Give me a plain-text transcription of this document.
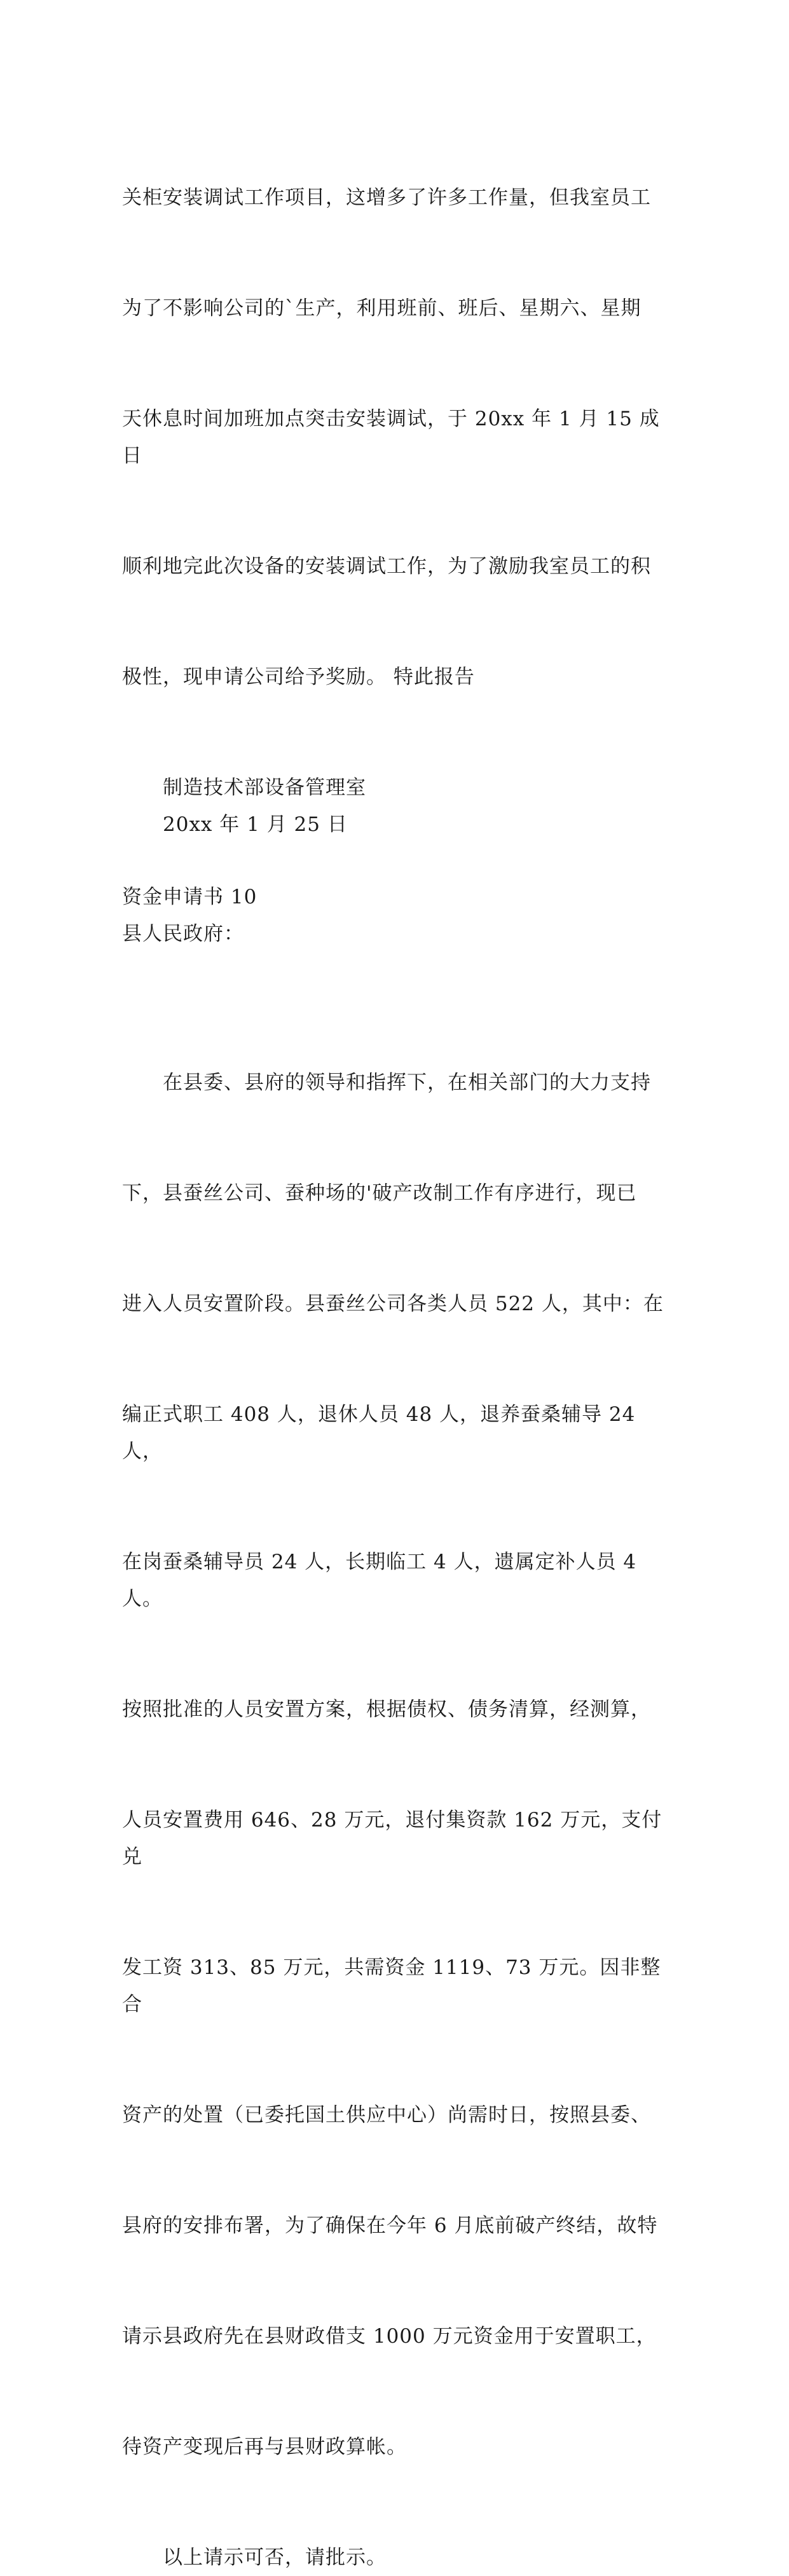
关柜安装调试工作项目，这增多了许多工作量，但我室员工

为了不影响公司的`生产，利用班前、班后、星期六、星期

天休息时间加班加点突击安装调试，于 20xx 年 1 月 15 成日

顺利地完此次设备的安装调试工作，为了激励我室员工的积

极性，现申请公司给予奖励。 特此报告

制造技术部设备管理室

20xx 年 1 月 25 日

资金申请书 10

县人民政府：

在县委、县府的领导和指挥下，在相关部门的大力支持

下，县蚕丝公司、蚕种场的'破产改制工作有序进行，现已

进入人员安置阶段。县蚕丝公司各类人员 522 人，其中：在

编正式职工 408 人，退休人员 48 人，退养蚕桑辅导 24 人，

在岗蚕桑辅导员 24 人，长期临工 4 人，遗属定补人员 4 人。

按照批准的人员安置方案，根据债权、债务清算，经测算，

人员安置费用 646、28 万元，退付集资款 162 万元，支付兑

发工资 313、85 万元，共需资金 1119、73 万元。因非整合

资产的处置（已委托国土供应中心）尚需时日，按照县委、

县府的安排布署，为了确保在今年 6 月底前破产终结，故特

请示县政府先在县财政借支 1000 万元资金用于安置职工，

待资产变现后再与县财政算帐。

以上请示可否，请批示。
